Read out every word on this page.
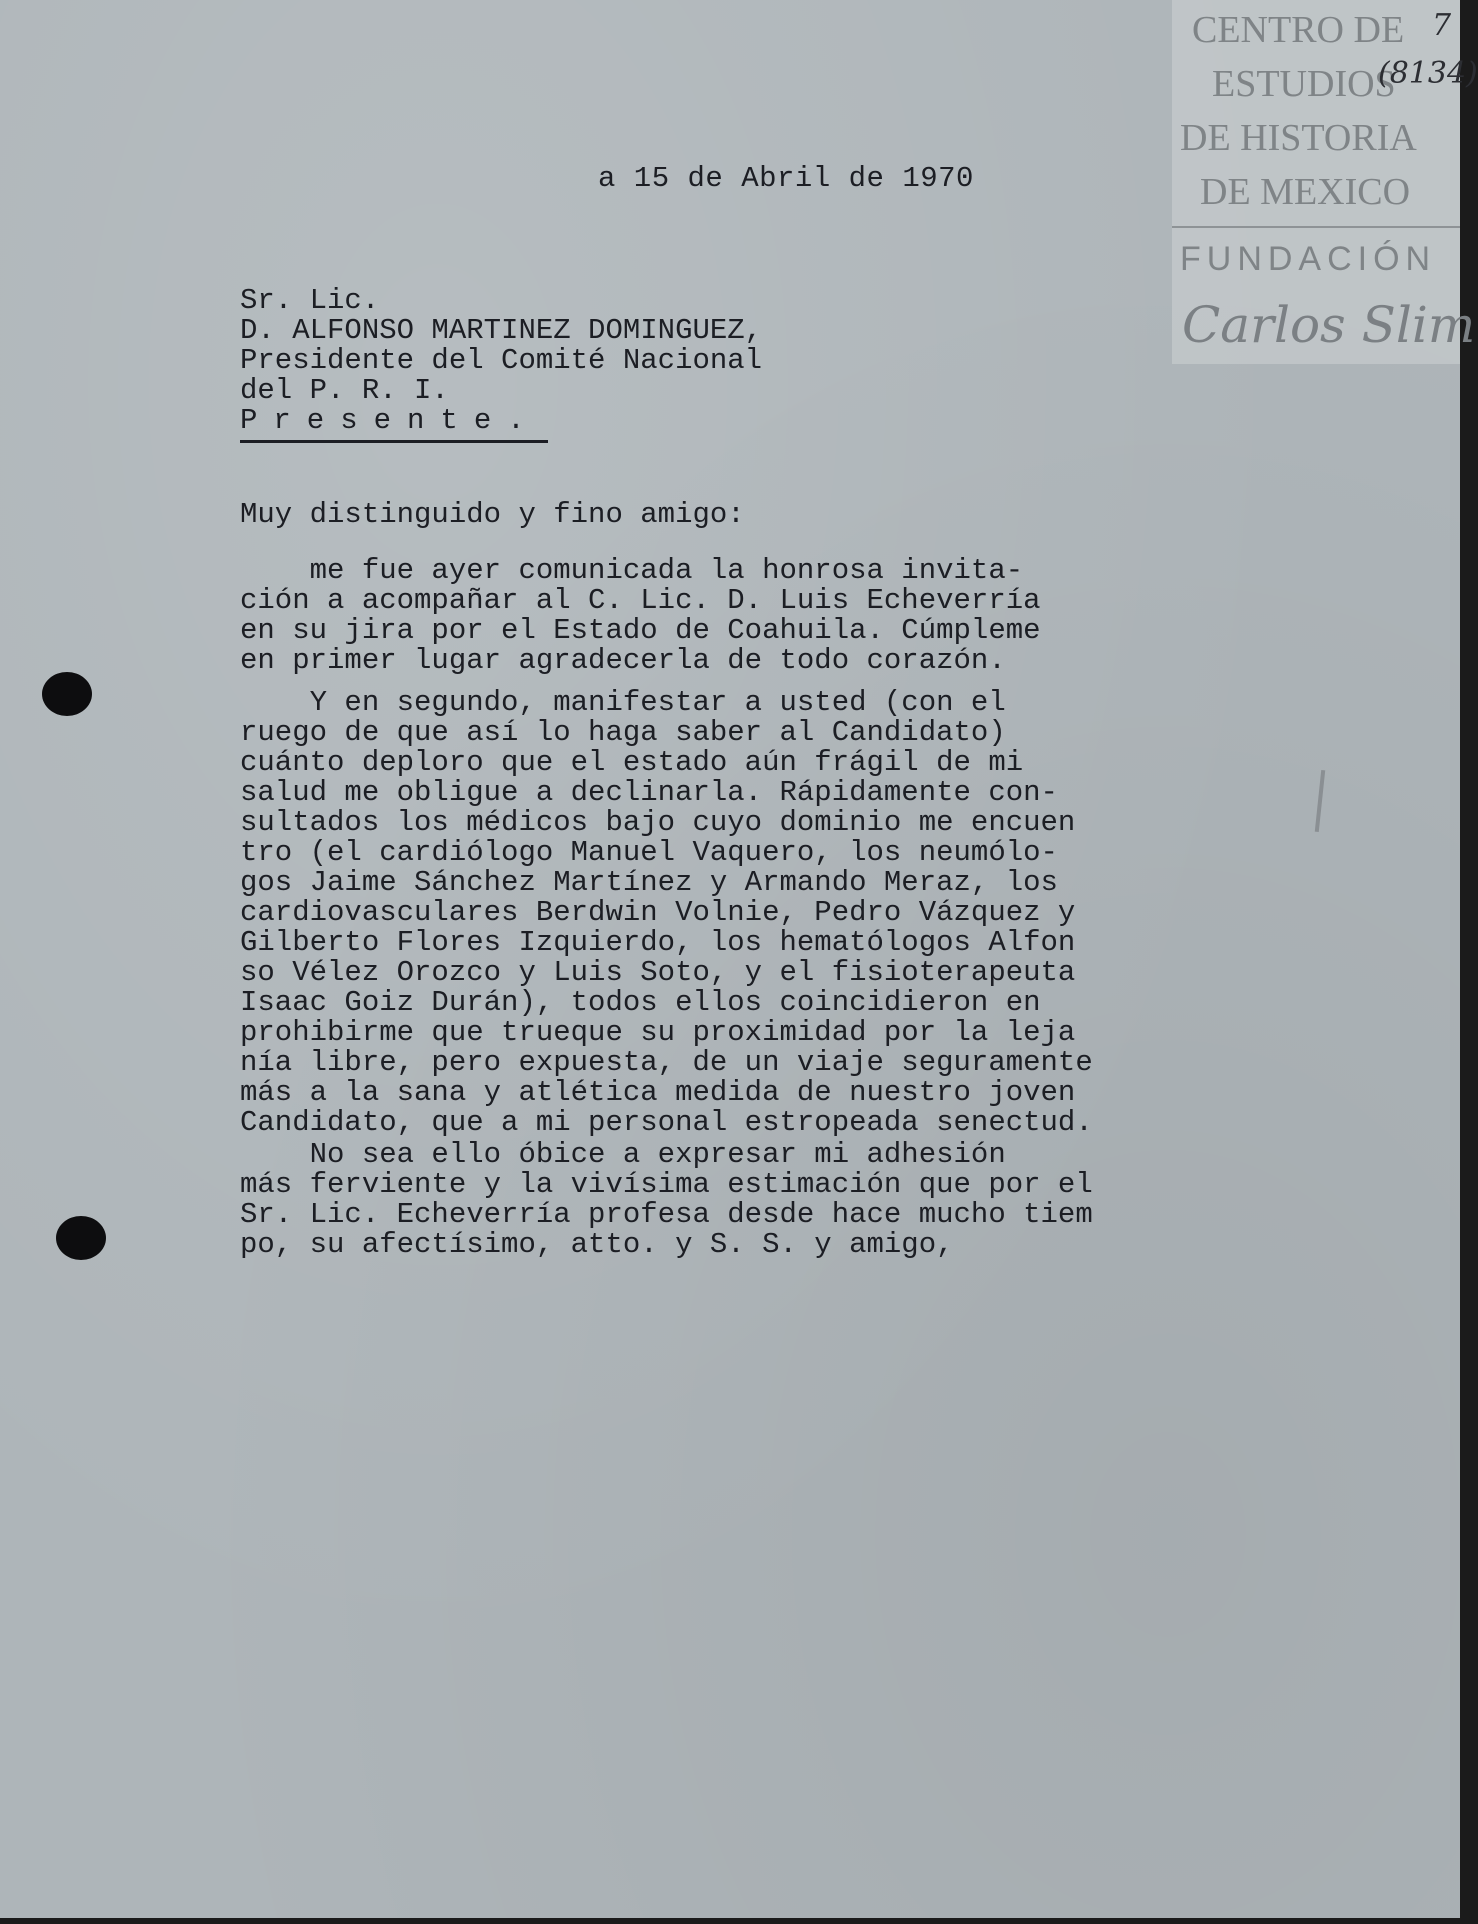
CENTRO DE
ESTUDIOS
DE HISTORIA
DE MEXICO
FUNDACIÓN
Carlos Slim
7
(8134)
a 15 de Abril de 1970
Sr. Lic.
D. ALFONSO MARTINEZ DOMINGUEZ,
Presidente del Comité Nacional
del P. R. I.
Presente.
Muy distinguido y fino amigo:
me fue ayer comunicada la honrosa invita-
ción a acompañar al C. Lic. D. Luis Echeverría
en su jira por el Estado de Coahuila. Cúmpleme
en primer lugar agradecerla de todo corazón.
Y en segundo, manifestar a usted (con el
ruego de que así lo haga saber al Candidato)
cuánto deploro que el estado aún frágil de mi
salud me obligue a declinarla. Rápidamente con-
sultados los médicos bajo cuyo dominio me encuen
tro (el cardiólogo Manuel Vaquero, los neumólo-
gos Jaime Sánchez Martínez y Armando Meraz, los
cardiovasculares Berdwin Volnie, Pedro Vázquez y
Gilberto Flores Izquierdo, los hematólogos Alfon
so Vélez Orozco y Luis Soto, y el fisioterapeuta
Isaac Goiz Durán), todos ellos coincidieron en
prohibirme que trueque su proximidad por la leja
nía libre, pero expuesta, de un viaje seguramente
más a la sana y atlética medida de nuestro joven
Candidato, que a mi personal estropeada senectud.
No sea ello óbice a expresar mi adhesión
más ferviente y la vivísima estimación que por el
Sr. Lic. Echeverría profesa desde hace mucho tiem
po, su afectísimo, atto. y S. S. y amigo,
